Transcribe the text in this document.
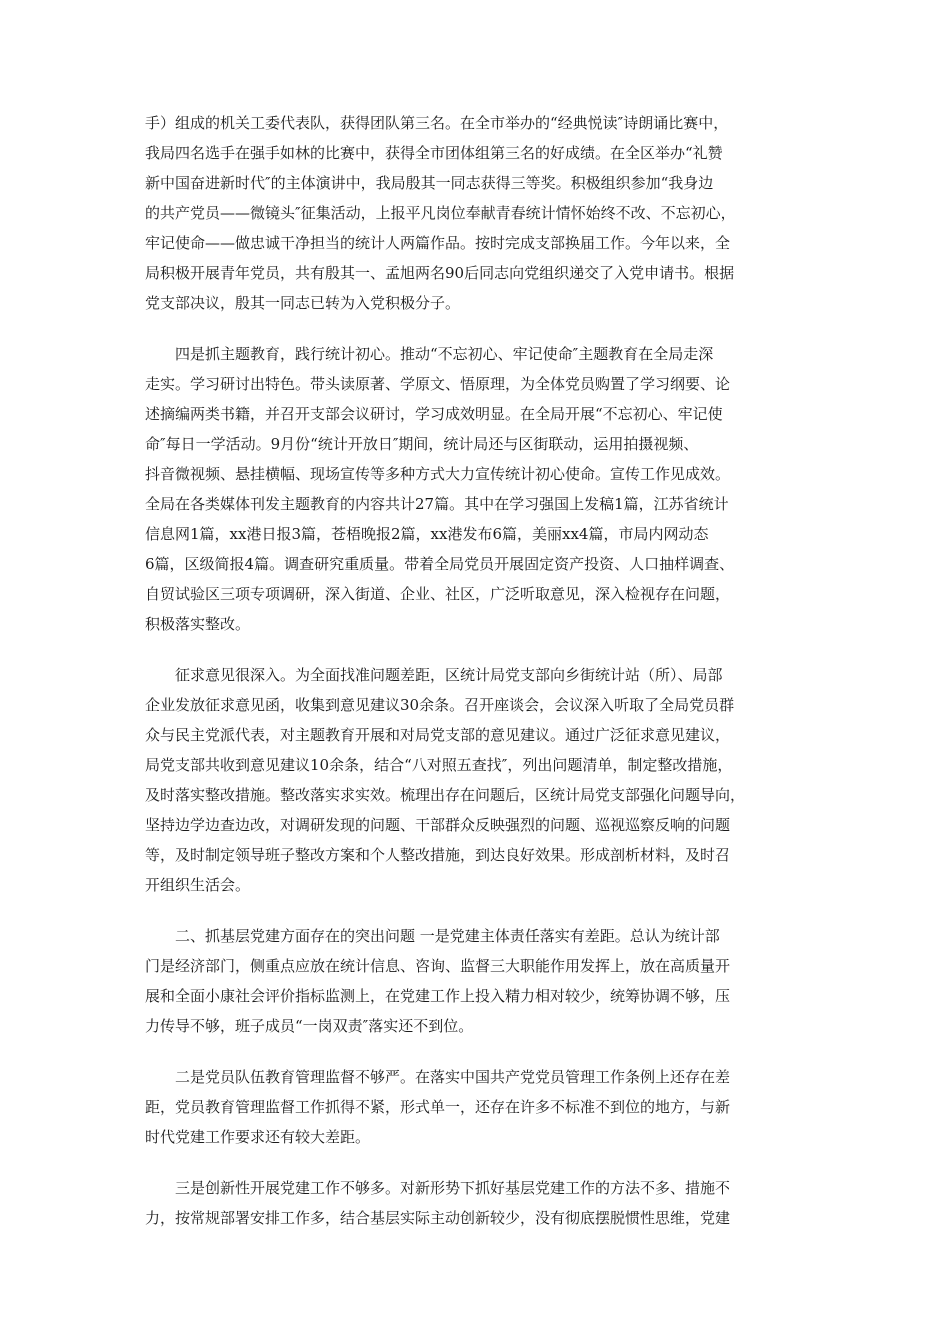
手）组成的机关工委代表队，获得团队第三名。在全市举办的“经典悦读″诗朗诵比赛中，
我局四名选手在强手如林的比赛中，获得全市团体组第三名的好成绩。在全区举办“礼赞
新中国奋进新时代″的主体演讲中，我局殷其一同志获得三等奖。积极组织参加“我身边
的共产党员——微镜头″征集活动，上报平凡岗位奉献青春统计情怀始终不改、不忘初心，
牢记使命——做忠诚干净担当的统计人两篇作品。按时完成支部换届工作。今年以来，全
局积极开展青年党员，共有殷其一、孟旭两名90后同志向党组织递交了入党申请书。根据
党支部决议，殷其一同志已转为入党积极分子。

四是抓主题教育，践行统计初心。推动“不忘初心、牢记使命″主题教育在全局走深
走实。学习研讨出特色。带头读原著、学原文、悟原理，为全体党员购置了学习纲要、论
述摘编两类书籍，并召开支部会议研讨，学习成效明显。在全局开展“不忘初心、牢记使
命″每日一学活动。9月份“统计开放日″期间，统计局还与区街联动，运用拍摄视频、
抖音微视频、悬挂横幅、现场宣传等多种方式大力宣传统计初心使命。宣传工作见成效。
全局在各类媒体刊发主题教育的内容共计27篇。其中在学习强国上发稿1篇，江苏省统计
信息网1篇，xx港日报3篇，苍梧晚报2篇，xx港发布6篇，美丽xx4篇，市局内网动态
6篇，区级简报4篇。调查研究重质量。带着全局党员开展固定资产投资、人口抽样调查、
自贸试验区三项专项调研，深入街道、企业、社区，广泛听取意见，深入检视存在问题，
积极落实整改。

征求意见很深入。为全面找准问题差距，区统计局党支部向乡街统计站（所）、局部
企业发放征求意见函，收集到意见建议30余条。召开座谈会，会议深入听取了全局党员群
众与民主党派代表，对主题教育开展和对局党支部的意见建议。通过广泛征求意见建议，
局党支部共收到意见建议10余条，结合“八对照五查找″，列出问题清单，制定整改措施，
及时落实整改措施。整改落实求实效。梳理出存在问题后，区统计局党支部强化问题导向，
坚持边学边查边改，对调研发现的问题、干部群众反映强烈的问题、巡视巡察反响的问题
等，及时制定领导班子整改方案和个人整改措施，到达良好效果。形成剖析材料，及时召
开组织生活会。

二、抓基层党建方面存在的突出问题 一是党建主体责任落实有差距。总认为统计部
门是经济部门，侧重点应放在统计信息、咨询、监督三大职能作用发挥上，放在高质量开
展和全面小康社会评价指标监测上，在党建工作上投入精力相对较少，统筹协调不够，压
力传导不够，班子成员“一岗双责″落实还不到位。

二是党员队伍教育管理监督不够严。在落实中国共产党党员管理工作条例上还存在差
距，党员教育管理监督工作抓得不紧，形式单一，还存在许多不标准不到位的地方，与新
时代党建工作要求还有较大差距。

三是创新性开展党建工作不够多。对新形势下抓好基层党建工作的方法不多、措施不
力，按常规部署安排工作多，结合基层实际主动创新较少，没有彻底摆脱惯性思维，党建
